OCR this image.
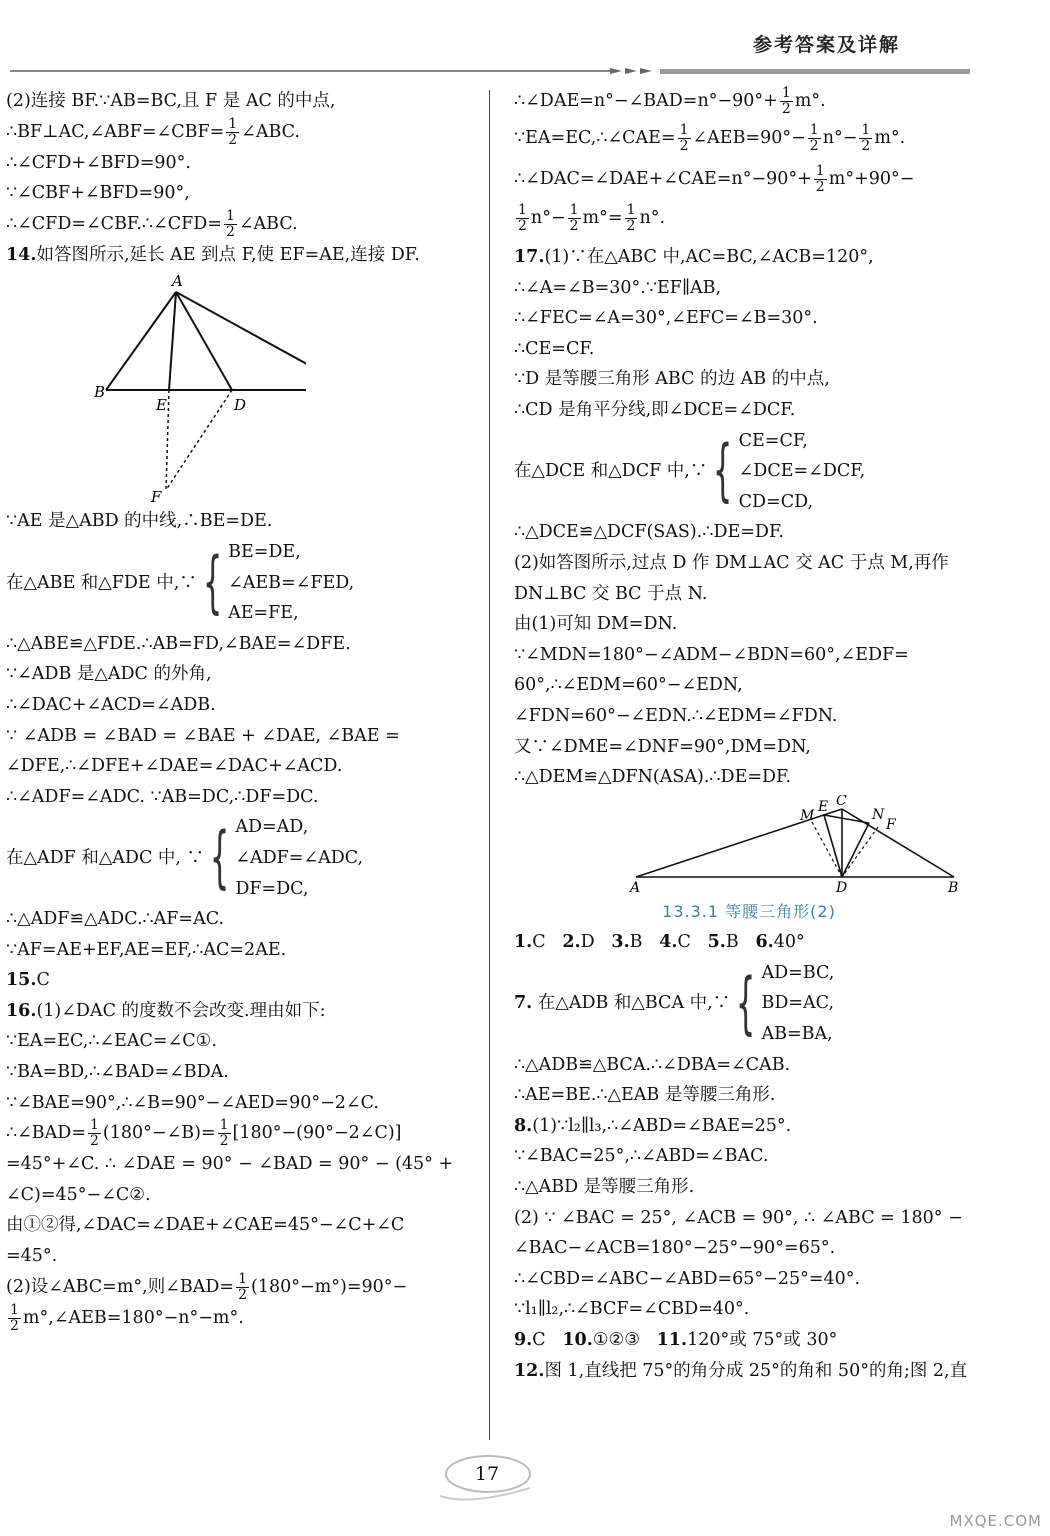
参考答案及详解
(2)连接 BF.∵AB=BC,且 F 是 AC 的中点,
∴BF⊥AC,∠ABF=∠CBF= $\frac{1}{2}$ ∠ABC.
∴∠CFD+∠BFD=90°.
∵∠CBF+∠BFD=90°,
∴∠CFD=∠CBF.∴∠CFD= $\frac{1}{2}$ ∠ABC.
14.如答图所示,延长 AE 到点 F,使 EF=AE,连接 DF.
A
B
E	D
F
∵AE 是△ABD 的中线,∴BE=DE.
在△ABE 和△FDE 中,∵ { BE=DE,
∠AEB=∠FED,
AE=FE,
∴△ABE≌△FDE.∴AB=FD,∠BAE=∠DFE.
∵∠ADB 是△ADC 的外角,
∴∠DAC+∠ACD=∠ADB.
∵ ∠ADB = ∠BAD = ∠BAE + ∠DAE, ∠BAE =
∠DFE,∴∠DFE+∠DAE=∠DAC+∠ACD.
∴∠ADF=∠ADC. ∵AB=DC,∴DF=DC.
在△ADF 和△ADC 中, ∵ { AD=AD,
∠ADF=∠ADC,
DF=DC,
∴△ADF≌△ADC.∴AF=AC.
∵AF=AE+EF,AE=EF,∴AC=2AE.
15.C
16.(1)∠DAC 的度数不会改变.理由如下:
∵EA=EC,∴∠EAC=∠C①.
∵BA=BD,∴∠BAD=∠BDA.
∵∠BAE=90°,∴∠B=90°−∠AED=90°−2∠C.
∴∠BAD= $\frac{1}{2}$ (180°−∠B)= $\frac{1}{2}$ [180°−(90°−2∠C)]
=45°+∠C. ∴ ∠DAE = 90° − ∠BAD = 90° − (45° +
∠C)=45°−∠C②.
由①②得,∠DAC=∠DAE+∠CAE=45°−∠C+∠C
=45°.
(2)设∠ABC=m°,则∠BAD= $\frac{1}{2} (180^\circ-m^\circ)=90^\circ-$
$\frac{1}{2}$ m°,∠AEB=180°−n°−m°.
∴∠DAE=n°−∠BAD=n°−90°+ $\frac{1}{2} m^\circ$.
∵EA=EC,∴∠CAE= $\frac{1}{2}$ ∠AEB=90°− $\frac{1}{2} n^\circ- \frac{1}{2} m^\circ$.
∴∠DAC=∠DAE+∠CAE=n°−90°+ $\frac{1}{2} m^\circ+90^\circ-$
$\frac{1}{2} n^\circ- \frac{1}{2} m^\circ= \frac{1}{2} n^\circ$.
17.(1)∵在△ABC 中,AC=BC,∠ACB=120°,
∴∠A=∠B=30°.∵EF∥AB,
∴∠FEC=∠A=30°,∠EFC=∠B=30°.
∴CE=CF.
∵D 是等腰三角形 ABC 的边 AB 的中点,
∴CD 是角平分线,即∠DCE=∠DCF.
在△DCE 和△DCF 中,∵ { CE=CF,
∠DCE=∠DCF,
CD=CD,
∴△DCE≌△DCF(SAS).∴DE=DF.
(2)如答图所示,过点 D 作 DM⊥AC 交 AC 于点 M,再作
DN⊥BC 交 BC 于点 N.
由(1)可知 DM=DN.
∵∠MDN=180°−∠ADM−∠BDN=60°,∠EDF=
60°,∴∠EDM=60°−∠EDN,
∠FDN=60°−∠EDN.∴∠EDM=∠FDN.
又∵∠DME=∠DNF=90°,DM=DN,
∴△DEM≌△DFN(ASA).∴DE=DF.
A	D	B
C
E
M	N
F
13.3.1 等腰三角形(2)
1.C 2.D 3.B 4.C 5.B 6.40°
7.
在△ADB 和△BCA 中,∵ { AD=BC,
BD=AC,
AB=BA,
∴△ADB≌△BCA.∴∠DBA=∠CAB.
∴AE=BE.∴△EAB 是等腰三角形.
8.(1)∵l₂∥l₃,∴∠ABD=∠BAE=25°.
∵∠BAC=25°,∴∠ABD=∠BAC.
∴△ABD 是等腰三角形.
(2) ∵ ∠BAC = 25°, ∠ACB = 90°, ∴ ∠ABC = 180° −
∠BAC−∠ACB=180°−25°−90°=65°.
∴∠CBD=∠ABC−∠ABD=65°−25°=40°.
∵l₁∥l₂,∴∠BCF=∠CBD=40°.
9.C 10.①②③ 11.120°或 75°或 30°
12.图 1,直线把 75°的角分成 25°的角和 50°的角;图 2,直
17
MXQE.COM
